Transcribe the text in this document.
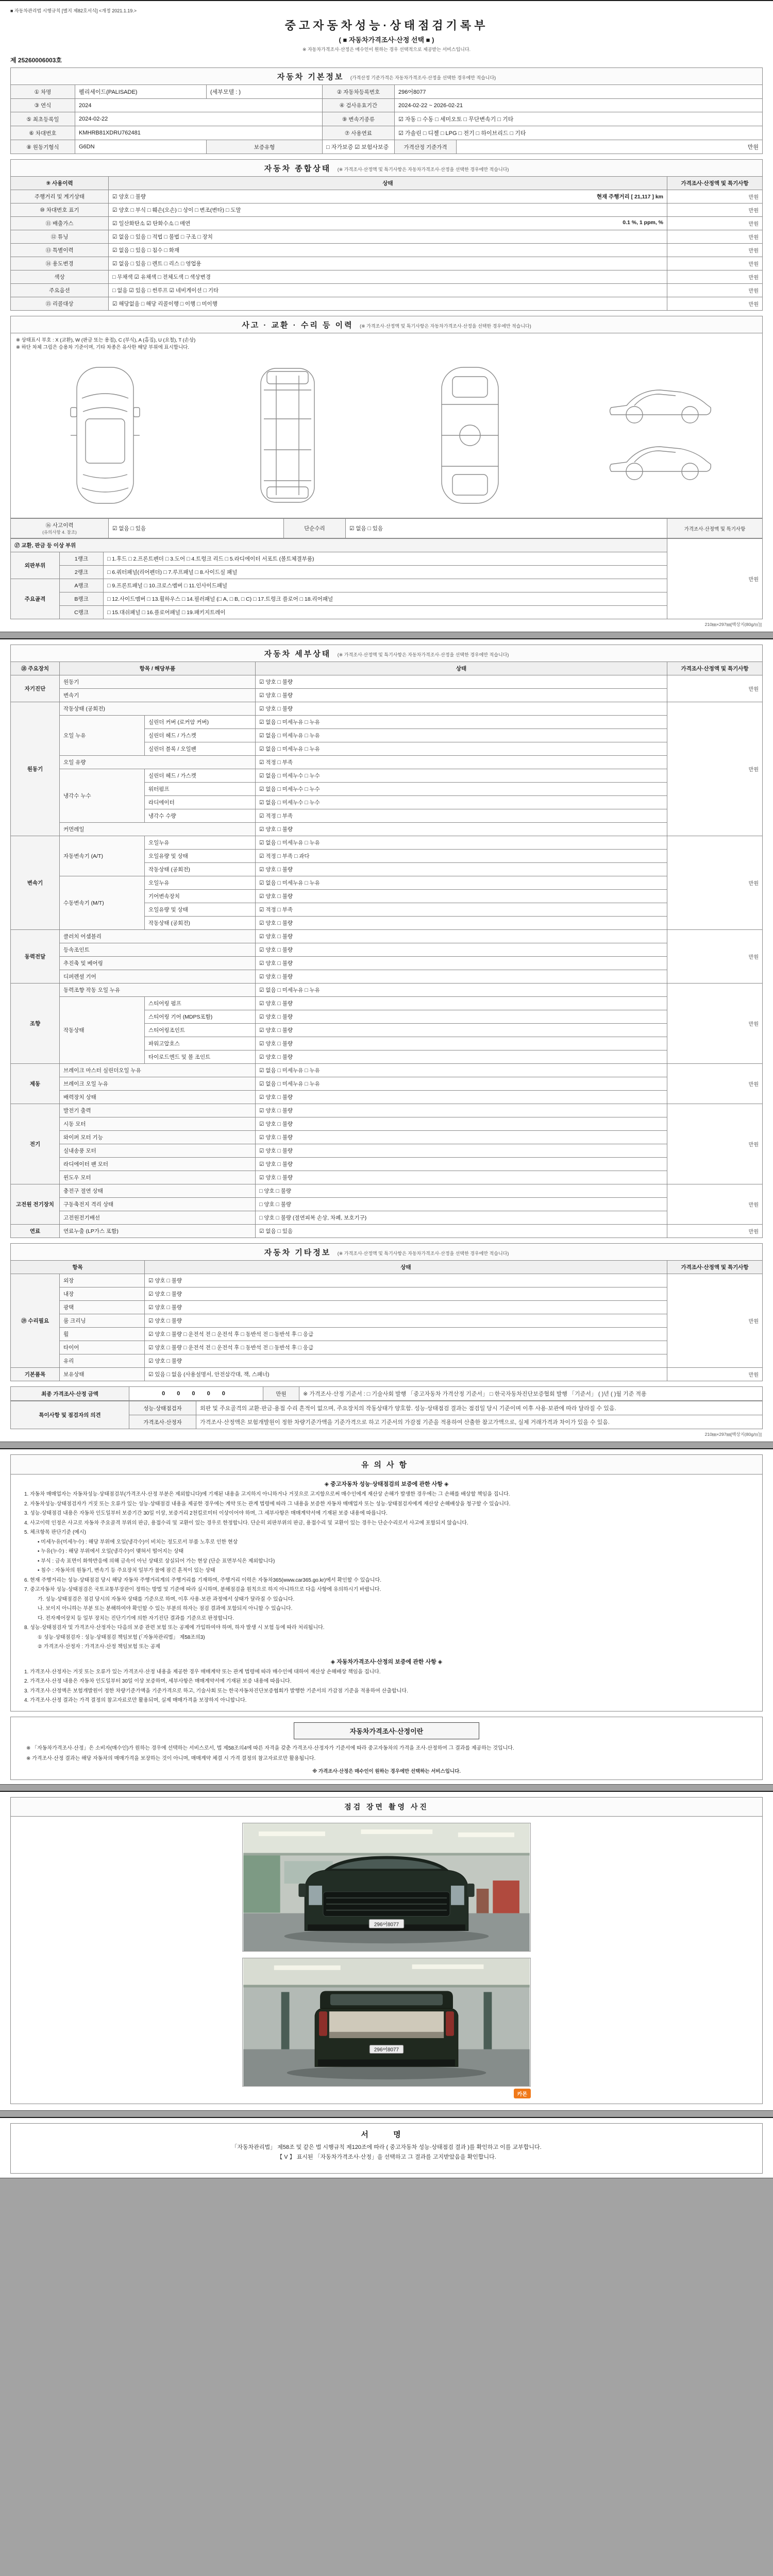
■ 자동차관리법 시행규칙 [별지 제82호서식] <개정 2021.1.19.>
중고자동차성능·상태점검기록부
( ■ 자동차가격조사·산정 선택 ■ )
※ 자동차가격조사·산정은 매수인이 원하는 경우 선택적으로 제공받는 서비스입니다.
제 25260006003호
자동차 기본정보 (가격산정 기준가격은 자동차가격조사·산정을 선택한 경우에만 적습니다)
① 차명	펠리세이드(PALISADE)	(세부모델 : )	② 자동차등록번호	296어8077	
③ 연식	2024		④ 검사유효기간	2024-02-22 ~ 2026-02-21	
⑤ 최초등록일	2024-02-22		⑨ 변속기종류	☑ 자동 □ 수동 □ 세미오토 □ 무단변속기 □ 기타	
⑥ 차대번호	KMHRB81XDRU762481		⑦ 사용연료	☑ 가솔린 □ 디젤 □ LPG □ 전기 □ 하이브리드 □ 기타	
⑧ 원동기형식	G6DN	보증유형	□ 자가보증 ☑ 보험사보증	가격산정 기준가격	만원
자동차 종합상태 (※ 가격조사·산정액 및 특기사항은 자동차가격조사·산정을 선택한 경우에만 적습니다)
⑨ 사용이력	상태	가격조사·산정액 및 특기사항
주행거리 및 계기상태	☑ 양호 □ 불량 현재 주행거리 [ 21,117 ] km	만원
⑩ 차대번호 표기	☑ 양호 □ 부식 □ 훼손(오손) □ 상이 □ 변조(변타) □ 도말	만원
⑪ 배출가스	☑ 일산화탄소 ☑ 탄화수소 □ 매연 0.1 %, 1 ppm, %	만원
⑫ 튜닝	☑ 없음 □ 있음 □ 적법 □ 불법 □ 구조 □ 장치	만원
⑬ 특별이력	☑ 없음 □ 있음 □ 침수 □ 화재	만원
⑭ 용도변경	☑ 없음 □ 있음 □ 렌트 □ 리스 □ 영업용	만원
색상	□ 무채색 ☑ 유채색 □ 전체도색 □ 색상변경	만원
주요옵션	□ 없음 ☑ 있음 □ 썬루프 ☑ 네비게이션 □ 기타	만원
⑮ 리콜대상	☑ 해당없음 □ 해당 리콜이행 □ 이행 □ 미이행	만원
사고 · 교환 · 수리 등 이력 (※ 가격조사·산정액 및 특기사항은 자동차가격조사·산정을 선택한 경우에만 적습니다)
※ 상태표시 부호 : X (교환), W (판금 또는 용접), C (부식), A (흠집), U (요철), T (손상)
※ 하단 차체 그림은 승용차 기준이며, 기타 차종은 유사한 해당 부위에 표시합니다.
⑯ 사고이력
(유의사항 4. 참조)	☑ 없음 □ 있음	단순수리	☑ 없음 □ 있음	가격조사·산정액 및 특기사항
⑰ 교환, 판금 등 이상 부위			만원
외판부위	1랭크	□ 1.후드 □ 2.프론트펜더 □ 3.도어 □ 4.트렁크 리드 □ 5.라디에이터 서포트 (볼트체결부품)	
	2랭크	□ 6.쿼터패널(리어펜더) □ 7.루프패널 □ 8.사이드실 패널	
주요골격	A랭크	□ 9.프론트패널 □ 10.크로스멤버 □ 11.인사이드패널	
	B랭크	□ 12.사이드멤버 □ 13.휠하우스 □ 14.필러패널 (□ A, □ B, □ C) □ 17.트렁크 플로어 □ 18.리어패널	
	C랭크	□ 15.대쉬패널 □ 16.플로어패널 □ 19.패키지트레이	
210㎜×297㎜[백상지(80g/㎡)]
자동차 세부상태 (※ 가격조사·산정액 및 특기사항은 자동차가격조사·산정을 선택한 경우에만 적습니다)
⑱ 주요장치	항목 / 해당부품		상태	가격조사·산정액 및 특기사항
자기진단	원동기		☑ 양호 □ 불량	만원
	변속기		☑ 양호 □ 불량	
원동기	작동상태 (공회전)		☑ 양호 □ 불량	만원
	오일 누유	실린더 커버 (로커암 커버)	☑ 없음 □ 미세누유 □ 누유	
		실린더 헤드 / 가스켓	☑ 없음 □ 미세누유 □ 누유	
		실린더 블록 / 오일팬	☑ 없음 □ 미세누유 □ 누유	
	오일 유량		☑ 적정 □ 부족	
	냉각수 누수	실린더 헤드 / 가스켓	☑ 없음 □ 미세누수 □ 누수	
		워터펌프	☑ 없음 □ 미세누수 □ 누수	
		라디에이터	☑ 없음 □ 미세누수 □ 누수	
		냉각수 수량	☑ 적정 □ 부족	
	커먼레일		☑ 양호 □ 불량	
변속기	자동변속기 (A/T)	오일누유	☑ 없음 □ 미세누유 □ 누유	만원
		오일유량 및 상태	☑ 적정 □ 부족 □ 과다	
		작동상태 (공회전)	☑ 양호 □ 불량	
	수동변속기 (M/T)	오일누유	☑ 없음 □ 미세누유 □ 누유	
		기어변속장치	☑ 양호 □ 불량	
		오일유량 및 상태	☑ 적정 □ 부족	
		작동상태 (공회전)	☑ 양호 □ 불량	
동력전달	클러치 어셈블리		☑ 양호 □ 불량	만원
	등속조인트		☑ 양호 □ 불량	
	추진축 및 베어링		☑ 양호 □ 불량	
	디퍼렌셜 기어		☑ 양호 □ 불량	
조향	동력조향 작동 오일 누유		☑ 없음 □ 미세누유 □ 누유	만원
	작동상태	스티어링 펌프	☑ 양호 □ 불량	
		스티어링 기어 (MDPS포함)	☑ 양호 □ 불량	
		스티어링조인트	☑ 양호 □ 불량	
		파워고압호스	☑ 양호 □ 불량	
		타이로드엔드 및 볼 조인트	☑ 양호 □ 불량	
제동	브레이크 마스터 실린더오일 누유		☑ 없음 □ 미세누유 □ 누유	만원
	브레이크 오일 누유		☑ 없음 □ 미세누유 □ 누유	
	배력장치 상태		☑ 양호 □ 불량	
전기	발전기 출력		☑ 양호 □ 불량	만원
	시동 모터		☑ 양호 □ 불량	
	와이퍼 모터 기능		☑ 양호 □ 불량	
	실내송풍 모터		☑ 양호 □ 불량	
	라디에이터 팬 모터		☑ 양호 □ 불량	
	윈도우 모터		☑ 양호 □ 불량	
고전원 전기장치	충전구 절연 상태		□ 양호 □ 불량	만원
	구동축전지 격리 상태		□ 양호 □ 불량	
	고전원전기배선		□ 양호 □ 불량 (절연피복 손상, 차폐, 보호기구)	
연료	연료누출 (LP가스 포함)		☑ 없음 □ 있음	만원
자동차 기타정보 (※ 가격조사·산정액 및 특기사항은 자동차가격조사·산정을 선택한 경우에만 적습니다)
항목		상태	가격조사·산정액 및 특기사항
⑲ 수리필요	외장	☑ 양호 □ 불량	만원
	내장	☑ 양호 □ 불량	
	광택	☑ 양호 □ 불량	
	룸 크리닝	☑ 양호 □ 불량	
	휠	☑ 양호 □ 불량 □ 운전석 전 □ 운전석 후 □ 동반석 전 □ 동반석 후 □ 응급	
	타이어	☑ 양호 □ 불량 □ 운전석 전 □ 운전석 후 □ 동반석 전 □ 동반석 후 □ 응급	
	유리	☑ 양호 □ 불량	
기본품목	보유상태	☑ 있음 □ 없음 (사용설명서, 안전삼각대, 잭, 스패너)	만원
최종 가격조사·산정 금액	0 0 0 0 0	만원	※ 가격조사·산정 기준서 : □ 기술사회 발행 「중고자동차 가격산정 기준서」 □ 한국자동차진단보증협회 발행 「기준서」 ( )년 ( )월 기준 적용
특이사항 및 점검자의 의견	성능·상태점검자	외판 및 주요골격의 교환·판금·용접 수리 흔적이 없으며, 주요장치의 작동상태가 양호함. 성능·상태점검 결과는 점검일 당시 기준이며 이후 사용·보관에 따라 달라질 수 있음.
	가격조사·산정자	가격조사·산정액은 보험개발원이 정한 차량기준가액을 기준가격으로 하고 기준서의 가감점 기준을 적용하여 산출한 참고가액으로, 실제 거래가격과 차이가 있을 수 있음.
210㎜×297㎜[백상지(80g/㎡)]
유의사항
◈ 중고자동차 성능·상태점검의 보증에 관한 사항 ◈
1. 자동차 매매업자는 자동차성능·상태점검부(가격조사·산정 부분은 제외합니다)에 기재된 내용을 고지하지 아니하거나 거짓으로 고지함으로써 매수인에게 재산상 손해가 발생한 경우에는 그 손해를 배상할 책임을 집니다.
2. 자동차성능·상태점검자가 거짓 또는 오류가 있는 성능·상태점검 내용을 제공한 경우에는 계약 또는 관계 법령에 따라 그 내용을 보증한 자동차 매매업자 또는 성능·상태점검자에게 재산상 손해배상을 청구할 수 있습니다.
3. 성능·상태점검 내용은 자동차 인도일부터 보증기간 30일 이상, 보증거리 2천킬로미터 이상이어야 하며, 그 세부사항은 매매계약서에 기재된 보증 내용에 따릅니다.
4. 사고이력 인정은 사고로 자동차 주요골격 부위의 판금, 용접수리 및 교환이 있는 경우로 한정합니다. 단순히 외판부위의 판금, 용접수리 및 교환이 있는 경우는 단순수리로서 사고에 포함되지 않습니다.
5. 체크항목 판단기준 (예시)
• 미세누유(미세누수) : 해당 부위에 오일(냉각수)이 비치는 정도로서 부품 노후로 인한 현상
• 누유(누수) : 해당 부위에서 오일(냉각수)이 맺혀서 떨어지는 상태
• 부식 : 금속 표면이 화학반응에 의해 금속이 아닌 상태로 상실되어 가는 현상 (단순 표면부식은 제외합니다)
• 침수 : 자동차의 원동기, 변속기 등 주요장치 일부가 물에 잠긴 흔적이 있는 상태
6. 현재 주행거리는 성능·상태점검 당시 해당 자동차 주행거리계의 주행거리를 기재하며, 주행거리 이력은 자동차365(www.car365.go.kr)에서 확인할 수 있습니다.
7. 중고자동차 성능·상태점검은 국토교통부장관이 정하는 방법 및 기준에 따라 실시하며, 분해점검을 원칙으로 하지 아니하므로 다음 사항에 유의하시기 바랍니다.
가. 성능·상태점검은 점검 당시의 자동차 상태를 기준으로 하며, 이후 사용·보관 과정에서 상태가 달라질 수 있습니다.
나. 보이지 아니하는 부분 또는 분해하여야 확인할 수 있는 부분의 하자는 점검 결과에 포함되지 아니할 수 있습니다.
다. 전자제어장치 등 일부 장치는 진단기기에 의한 자기진단 결과를 기준으로 판정합니다.
8. 성능·상태점검자 및 가격조사·산정자는 다음의 보증 관련 보험 또는 공제에 가입하여야 하며, 하자 발생 시 보험 등에 따라 처리됩니다.
① 성능·상태점검자 : 성능·상태점검 책임보험 (「자동차관리법」 제58조의3)
② 가격조사·산정자 : 가격조사·산정 책임보험 또는 공제
◈ 자동차가격조사·산정의 보증에 관한 사항 ◈
1. 가격조사·산정자는 거짓 또는 오류가 있는 가격조사·산정 내용을 제공한 경우 매매계약 또는 관계 법령에 따라 매수인에 대하여 재산상 손해배상 책임을 집니다.
2. 가격조사·산정 내용은 자동차 인도일부터 30일 이상 보증하며, 세부사항은 매매계약서에 기재된 보증 내용에 따릅니다.
3. 가격조사·산정액은 보험개발원이 정한 차량기준가액을 기준가격으로 하고, 기술사회 또는 한국자동차진단보증협회가 발행한 기준서의 가감점 기준을 적용하여 산출합니다.
4. 가격조사·산정 결과는 가격 결정의 참고자료로만 활용되며, 실제 매매가격을 보장하지 아니합니다.
자동차가격조사·산정이란
※ 「자동차가격조사·산정」은 소비자(매수인)가 원하는 경우에 선택하는 서비스로서, 법 제58조의4에 따른 자격을 갖춘 가격조사·산정자가 기준서에 따라 중고자동차의 가격을 조사·산정하여 그 결과를 제공하는 것입니다.
※ 가격조사·산정 결과는 해당 자동차의 매매가격을 보장하는 것이 아니며, 매매계약 체결 시 가격 결정의 참고자료로만 활용됩니다.
※ 가격조사·산정은 매수인이 원하는 경우에만 선택하는 서비스입니다.
점검 장면 촬영 사진
296어8077
296어8077
카몬
서 명
「자동차관리법」 제58조 및 같은 법 시행규칙 제120조에 따라 ( 중고자동차 성능·상태점검 결과 )를 확인하고 이를 교부합니다.
【 V 】 표시된 「자동차가격조사·산정」을 선택하고 그 결과를 고지받았음을 확인합니다.
